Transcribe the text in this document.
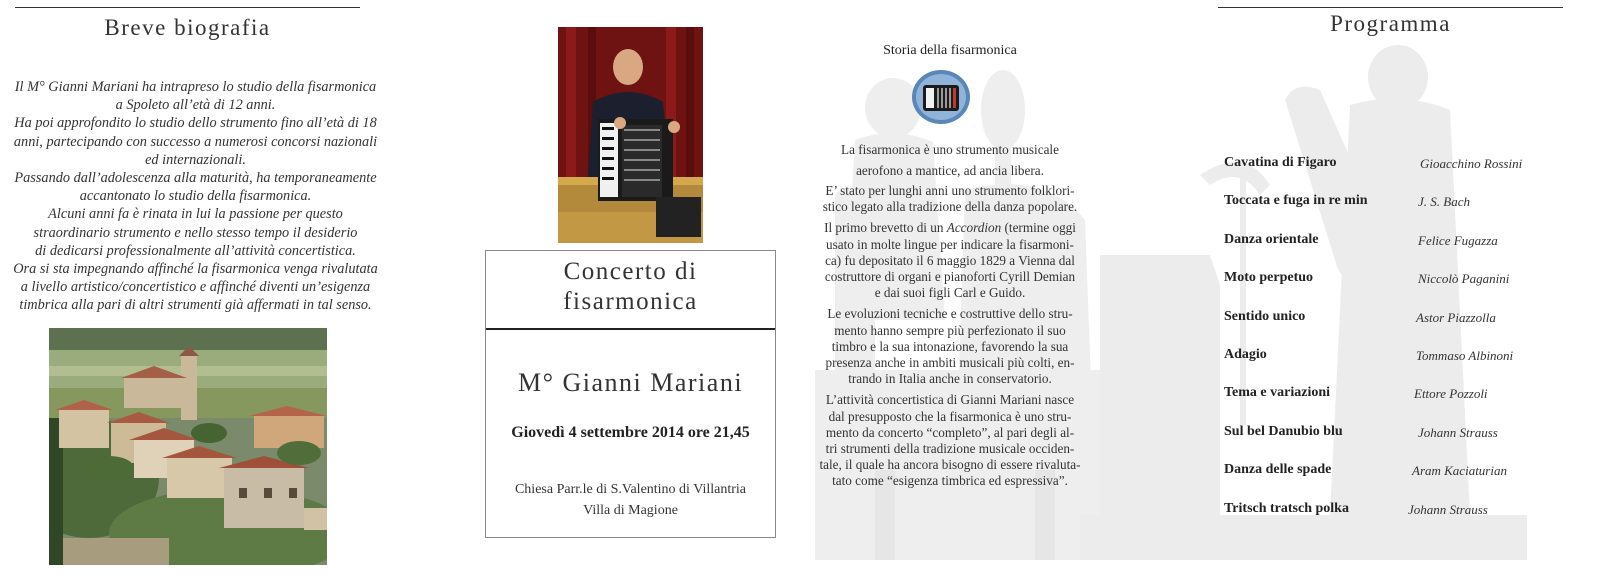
Breve biografia
Il M° Gianni Mariani ha intrapreso lo studio della fisarmonica
a Spoleto all’età di 12 anni.
Ha poi approfondito lo studio dello strumento fino all’età di 18
anni, partecipando con successo a numerosi concorsi nazionali
ed internazionali.
Passando dall’adolescenza alla maturità, ha temporaneamente
accantonato lo studio della fisarmonica.
Alcuni anni fa è rinata in lui la passione per questo
straordinario strumento e nello stesso tempo il desiderio
di dedicarsi professionalmente all’attività concertistica.
Ora si sta impegnando affinché la fisarmonica venga rivalutata
a livello artistico/concertistico e affinché diventi un’esigenza
timbrica alla pari di altri strumenti già affermati in tal senso.
Concerto di
fisarmonica
M° Gianni Mariani
Giovedì 4 settembre 2014 ore 21,45
Chiesa Parr.le di S.Valentino di Villantria
Villa di Magione
Storia della fisarmonica

La fisarmonica è uno strumento musicale
aerofono a mantice, ad ancia libera.

E’ stato per lunghi anni uno strumento folklori-
stico legato alla tradizione della danza popolare.

Il primo brevetto di un Accordion (termine oggi
usato in molte lingue per indicare la fisarmoni-
ca) fu depositato il 6 maggio 1829 a Vienna dal
costruttore di organi e pianoforti Cyrill Demian
e dai suoi figli Carl e Guido.

Le evoluzioni tecniche e costruttive dello stru-
mento hanno sempre più perfezionato il suo
timbro e la sua intonazione, favorendo la sua
presenza anche in ambiti musicali più colti, en-
trando in Italia anche in conservatorio.

L’attività concertistica di Gianni Mariani nasce
dal presupposto che la fisarmonica è uno stru-
mento da concerto “completo”, al pari degli al-
tri strumenti della tradizione musicale occiden-
tale, il quale ha ancora bisogno di essere rivaluta-
tato come “esigenza timbrica ed espressiva”.

Programma
Cavatina di Figaro	Gioacchino Rossini
Toccata e fuga in re min	J. S. Bach
Danza orientale	Felice Fugazza
Moto perpetuo	Niccolò Paganini
Sentido unico	Astor Piazzolla
Adagio	Tommaso Albinoni
Tema e variazioni	Ettore Pozzoli
Sul bel Danubio blu	Johann Strauss
Danza delle spade	Aram Kaciaturian
Tritsch tratsch polka	Johann Strauss
